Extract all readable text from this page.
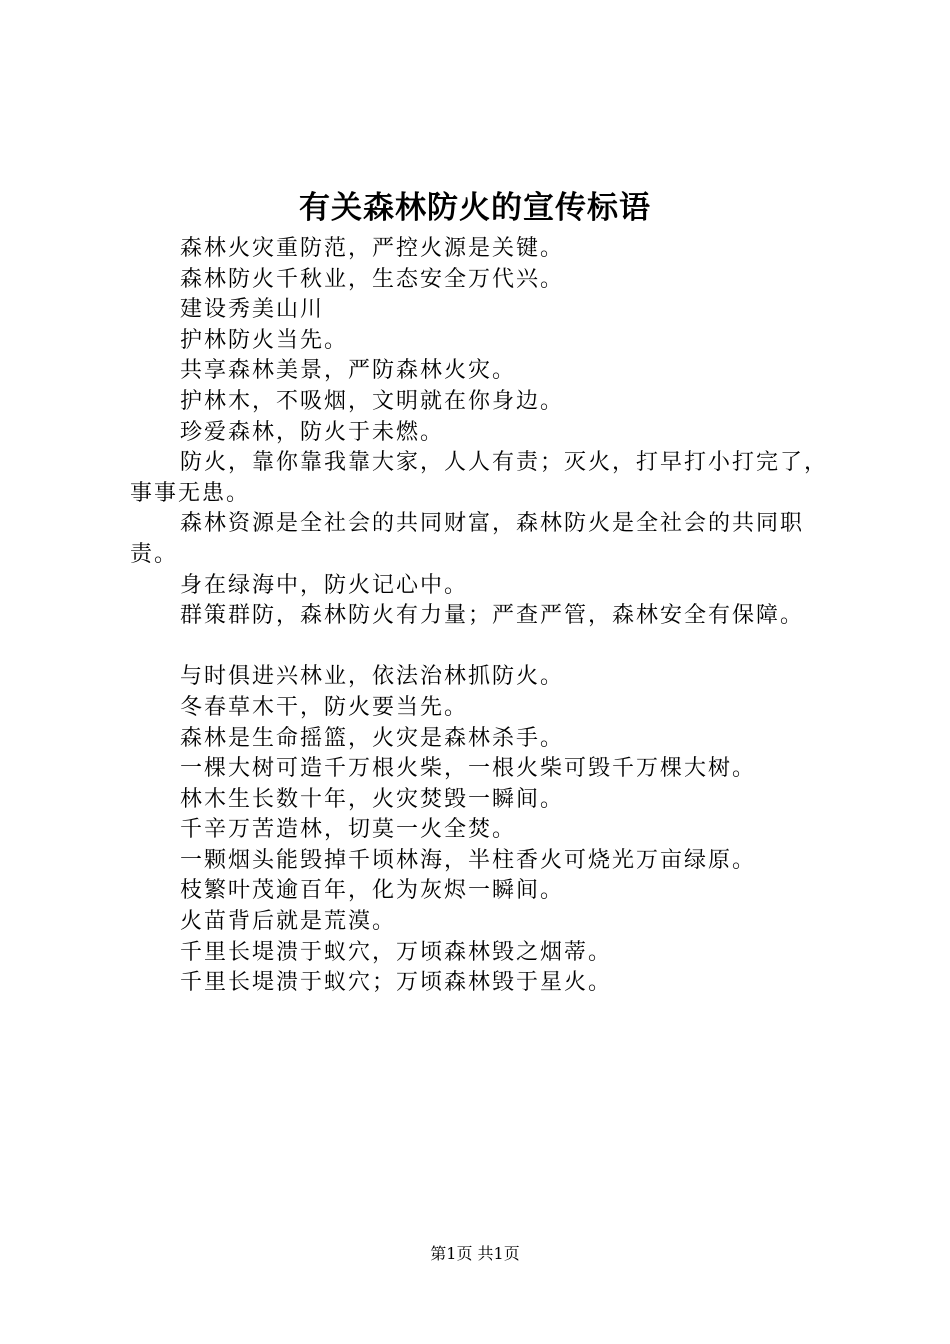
有关森林防火的宣传标语

森林火灾重防范，严控火源是关键。

森林防火千秋业，生态安全万代兴。

建设秀美山川

护林防火当先。

共享森林美景，严防森林火灾。

护林木，不吸烟，文明就在你身边。

珍爱森林，防火于未燃。

防火，靠你靠我靠大家，人人有责；灭火，打早打小打完了，事事无患。

森林资源是全社会的共同财富，森林防火是全社会的共同职责。

身在绿海中，防火记心中。

群策群防，森林防火有力量；严查严管，森林安全有保障。

与时俱进兴林业，依法治林抓防火。

冬春草木干，防火要当先。

森林是生命摇篮，火灾是森林杀手。

一棵大树可造千万根火柴，一根火柴可毁千万棵大树。

林木生长数十年，火灾焚毁一瞬间。

千辛万苦造林，切莫一火全焚。

一颗烟头能毁掉千顷林海，半柱香火可烧光万亩绿原。

枝繁叶茂逾百年，化为灰烬一瞬间。

火苗背后就是荒漠。

千里长堤溃于蚁穴，万顷森林毁之烟蒂。

千里长堤溃于蚁穴；万顷森林毁于星火。

第1页 共1页
